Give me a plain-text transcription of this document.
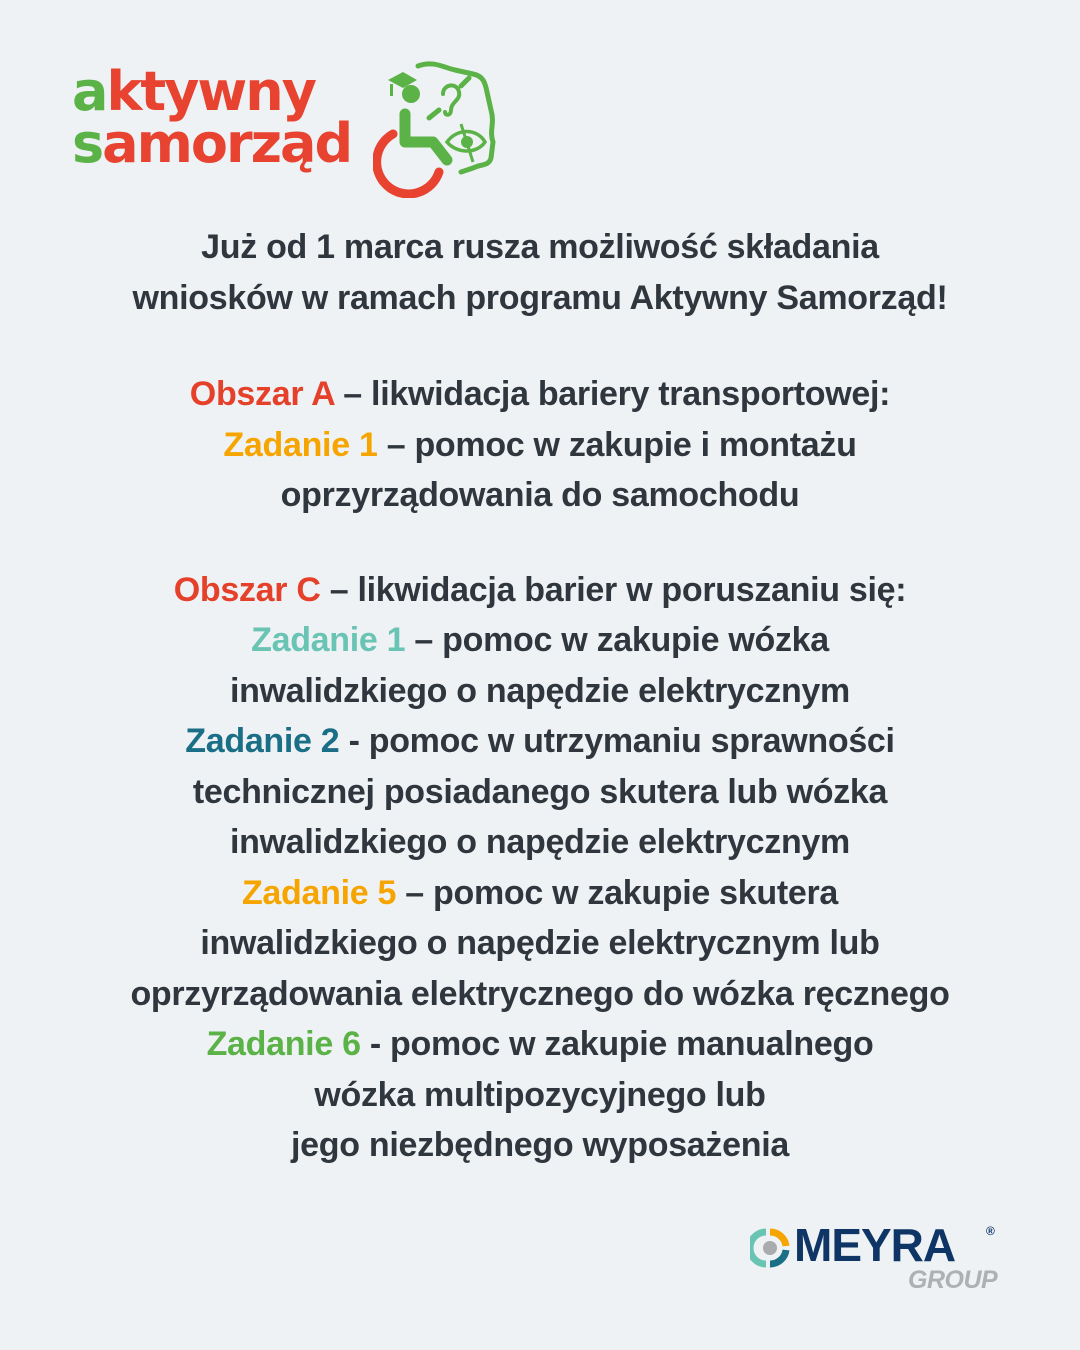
aktywny
samorząd

Już od 1 marca rusza możliwość składania

wniosków w ramach programu Aktywny Samorząd!

Obszar A – likwidacja bariery transportowej:

Zadanie 1 – pomoc w zakupie i montażu

oprzyrządowania do samochodu

Obszar C – likwidacja barier w poruszaniu się:

Zadanie 1 – pomoc w zakupie wózka

inwalidzkiego o napędzie elektrycznym

Zadanie 2 - pomoc w utrzymaniu sprawności

technicznej posiadanego skutera lub wózka

inwalidzkiego o napędzie elektrycznym

Zadanie 5 – pomoc w zakupie skutera

inwalidzkiego o napędzie elektrycznym lub

oprzyrządowania elektrycznego do wózka ręcznego

Zadanie 6 - pomoc w zakupie manualnego

wózka multipozycyjnego lub

jego niezbędnego wyposażenia

MEYRA	®
GROUP
